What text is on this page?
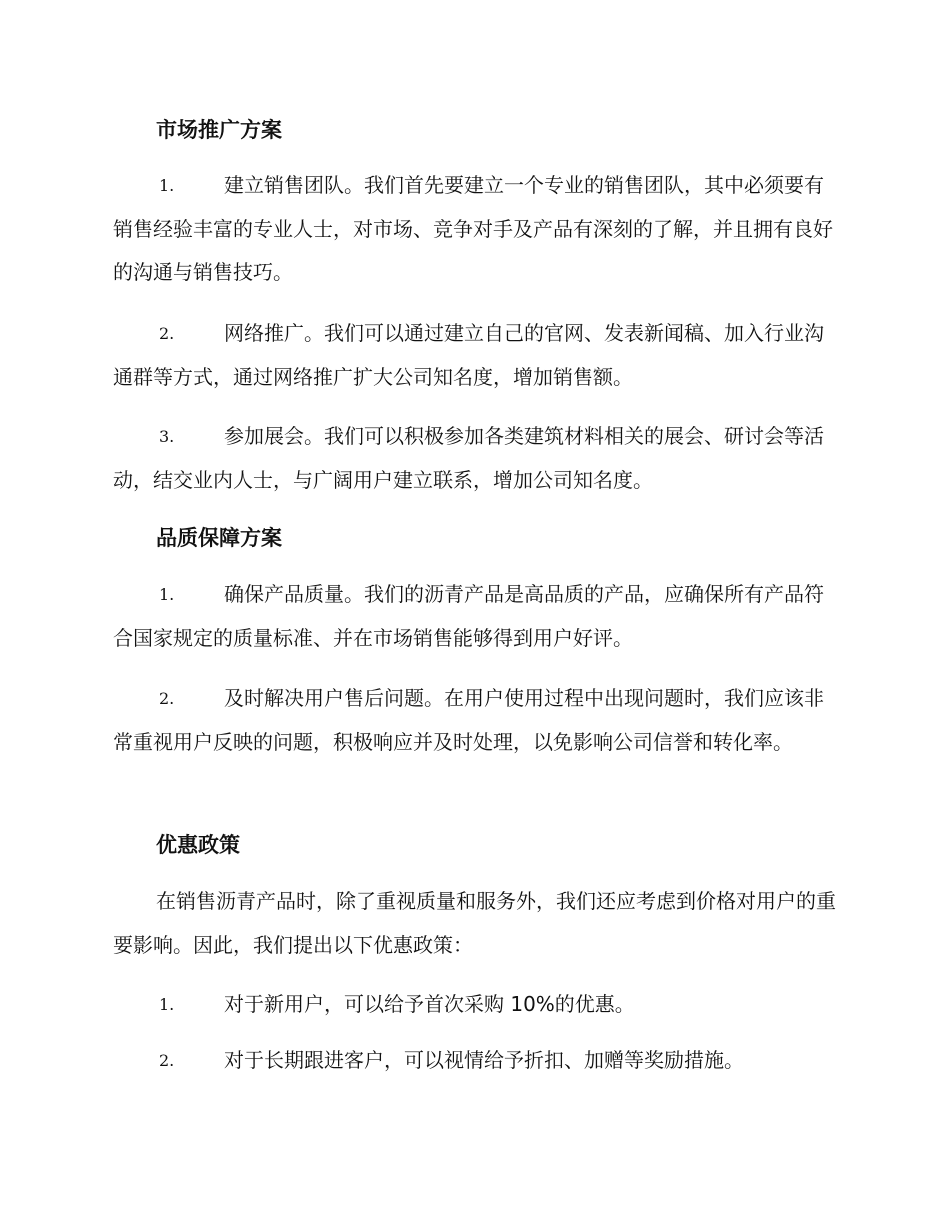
市场推广方案
1.	建立销售团队。我们首先要建立一个专业的销售团队，其中必须要有销售经验丰富的专业人士，对市场、竞争对手及产品有深刻的了解，并且拥有良好的沟通与销售技巧。
2.	网络推广。我们可以通过建立自己的官网、发表新闻稿、加入行业沟通群等方式，通过网络推广扩大公司知名度，增加销售额。
3.	参加展会。我们可以积极参加各类建筑材料相关的展会、研讨会等活动，结交业内人士，与广阔用户建立联系，增加公司知名度。
品质保障方案
1.	确保产品质量。我们的沥青产品是高品质的产品，应确保所有产品符合国家规定的质量标准、并在市场销售能够得到用户好评。
2.	及时解决用户售后问题。在用户使用过程中出现问题时，我们应该非常重视用户反映的问题，积极响应并及时处理，以免影响公司信誉和转化率。
优惠政策
在销售沥青产品时，除了重视质量和服务外，我们还应考虑到价格对用户的重要影响。因此，我们提出以下优惠政策：
1.	对于新用户，可以给予首次采购 10%的优惠。
2.	对于长期跟进客户，可以视情给予折扣、加赠等奖励措施。
